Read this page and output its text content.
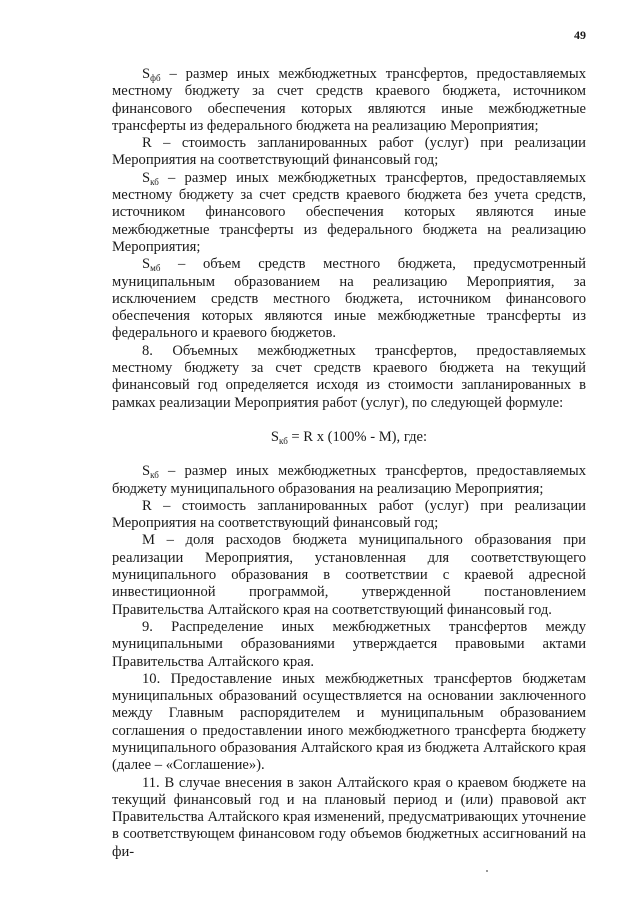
49

$S_{фб}$ – размер иных межбюджетных трансфертов, предоставляемых местному бюджету за счет средств краевого бюджета, источником финансового обеспечения которых являются иные межбюджетные трансферты из федерального бюджета на реализацию Мероприятия;

R – стоимость запланированных работ (услуг) при реализации Мероприятия на соответствующий финансовый год;

$S_{кб}$ – размер иных межбюджетных трансфертов, предоставляемых местному бюджету за счет средств краевого бюджета без учета средств, источником финансового обеспечения которых являются иные межбюджетные трансферты из федерального бюджета на реализацию Мероприятия;

$S_{мб}$ – объем средств местного бюджета, предусмотренный муниципальным образованием на реализацию Мероприятия, за исключением средств местного бюджета, источником финансового обеспечения которых являются иные межбюджетные трансферты из федерального и краевого бюджетов.

8. Объемных межбюджетных трансфертов, предоставляемых местному бюджету за счет средств краевого бюджета на текущий финансовый год определяется исходя из стоимости запланированных в рамках реализации Мероприятия работ (услуг), по следующей формуле:

$S_{кб} = R$ x (100% - M), где:

$S_{кб}$ – размер иных межбюджетных трансфертов, предоставляемых бюджету муниципального образования на реализацию Мероприятия;

R – стоимость запланированных работ (услуг) при реализации Мероприятия на соответствующий финансовый год;

М – доля расходов бюджета муниципального образования при реализации Мероприятия, установленная для соответствующего муниципального образования в соответствии с краевой адресной инвестиционной программой, утвержденной постановлением Правительства Алтайского края на соответствующий финансовый год.

9. Распределение иных межбюджетных трансфертов между муниципальными образованиями утверждается правовыми актами Правительства Алтайского края.

10. Предоставление иных межбюджетных трансфертов бюджетам муниципальных образований осуществляется на основании заключенного между Главным распорядителем и муниципальным образованием соглашения о предоставлении иного межбюджетного трансферта бюджету муниципального образования Алтайского края из бюджета Алтайского края (далее – «Соглашение»).

11. В случае внесения в закон Алтайского края о краевом бюджете на текущий финансовый год и на плановый период и (или) правовой акт Правительства Алтайского края изменений, предусматривающих уточнение в соответствующем финансовом году объемов бюджетных ассигнований на фи-
